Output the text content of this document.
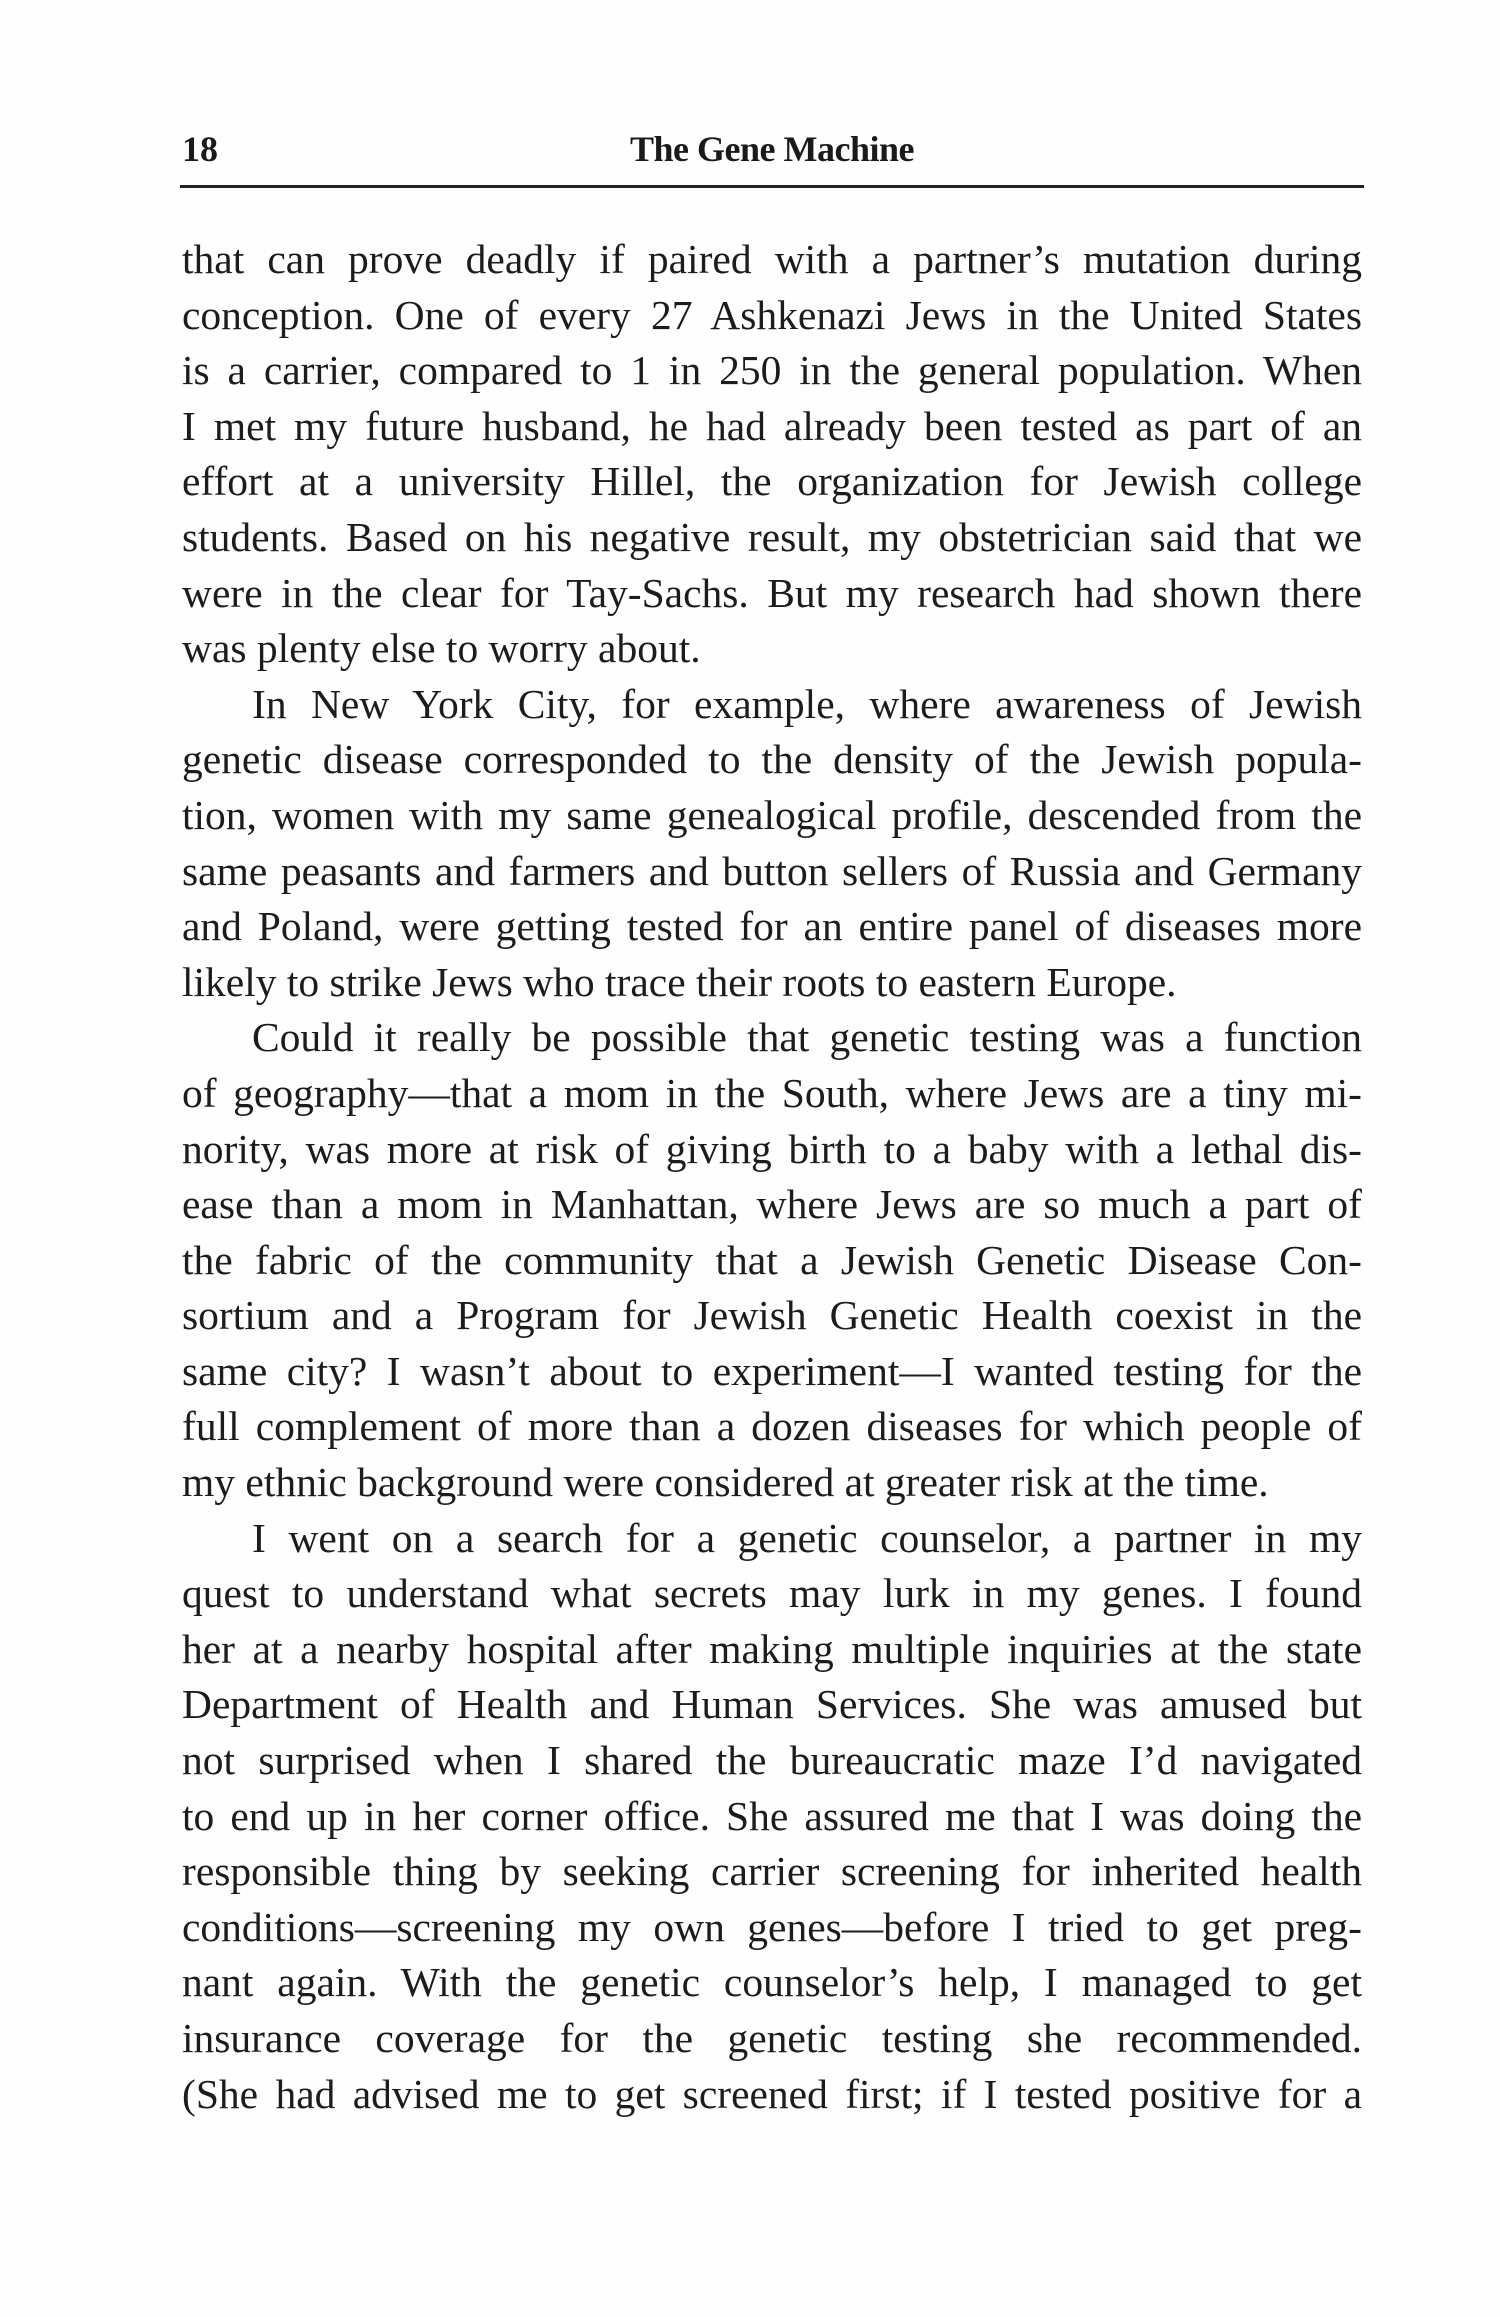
18	The Gene Machine
that can prove deadly if paired with a partner’s mutation during
conception. One of every 27 Ashkenazi Jews in the United States
is a carrier, compared to 1 in 250 in the general population. When
I met my future husband, he had already been tested as part of an
effort at a university Hillel, the organization for Jewish college
students. Based on his negative result, my obstetrician said that we
were in the clear for Tay-Sachs. But my research had shown there
was plenty else to worry about.
In New York City, for example, where awareness of Jewish
genetic disease corresponded to the density of the Jewish popula-
tion, women with my same genealogical profile, descended from the
same peasants and farmers and button sellers of Russia and Germany
and Poland, were getting tested for an entire panel of diseases more
likely to strike Jews who trace their roots to eastern Europe.
Could it really be possible that genetic testing was a function
of geography—that a mom in the South, where Jews are a tiny mi-
nority, was more at risk of giving birth to a baby with a lethal dis-
ease than a mom in Manhattan, where Jews are so much a part of
the fabric of the community that a Jewish Genetic Disease Con-
sortium and a Program for Jewish Genetic Health coexist in the
same city? I wasn’t about to experiment—I wanted testing for the
full complement of more than a dozen diseases for which people of
my ethnic background were considered at greater risk at the time.
I went on a search for a genetic counselor, a partner in my
quest to understand what secrets may lurk in my genes. I found
her at a nearby hospital after making multiple inquiries at the state
Department of Health and Human Services. She was amused but
not surprised when I shared the bureaucratic maze I’d navigated
to end up in her corner office. She assured me that I was doing the
responsible thing by seeking carrier screening for inherited health
conditions—screening my own genes—before I tried to get preg-
nant again. With the genetic counselor’s help, I managed to get
insurance coverage for the genetic testing she recommended.
(She had advised me to get screened first; if I tested positive for a
